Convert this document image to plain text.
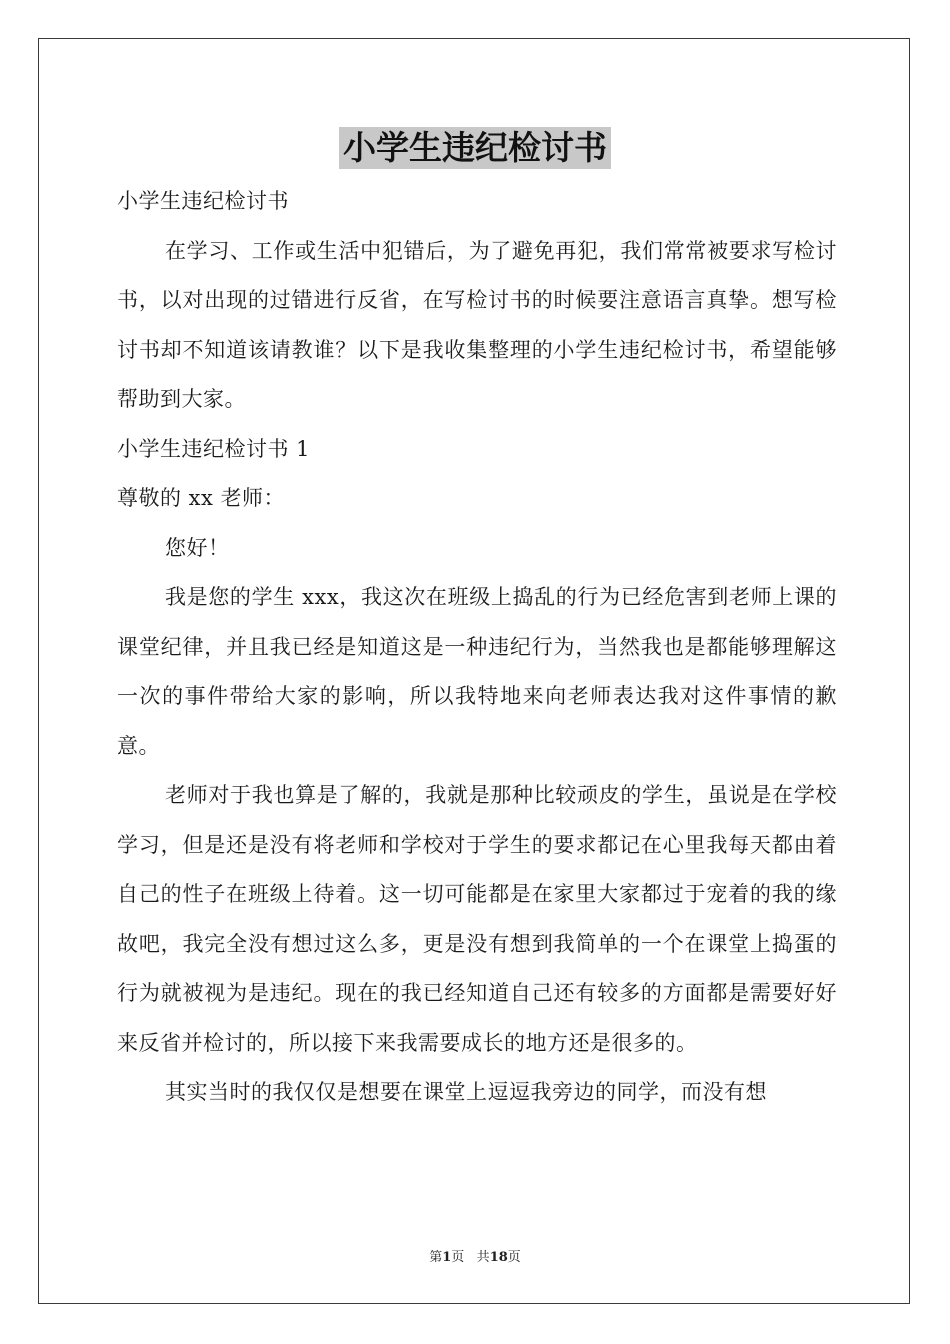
小学生违纪检讨书

小学生违纪检讨书

在学习、工作或生活中犯错后，为了避免再犯，我们常常被要求写检讨书，以对出现的过错进行反省，在写检讨书的时候要注意语言真挚。想写检讨书却不知道该请教谁？以下是我收集整理的小学生违纪检讨书，希望能够帮助到大家。

小学生违纪检讨书 1

尊敬的 xx 老师：

您好！

我是您的学生 xxx，我这次在班级上捣乱的行为已经危害到老师上课的课堂纪律，并且我已经是知道这是一种违纪行为，当然我也是都能够理解这一次的事件带给大家的影响，所以我特地来向老师表达我对这件事情的歉意。

老师对于我也算是了解的，我就是那种比较顽皮的学生，虽说是在学校学习，但是还是没有将老师和学校对于学生的要求都记在心里我每天都由着自己的性子在班级上待着。这一切可能都是在家里大家都过于宠着的我的缘故吧，我完全没有想过这么多，更是没有想到我简单的一个在课堂上捣蛋的行为就被视为是违纪。现在的我已经知道自己还有较多的方面都是需要好好来反省并检讨的，所以接下来我需要成长的地方还是很多的。

其实当时的我仅仅是想要在课堂上逗逗我旁边的同学，而没有想

第1页 共18页
